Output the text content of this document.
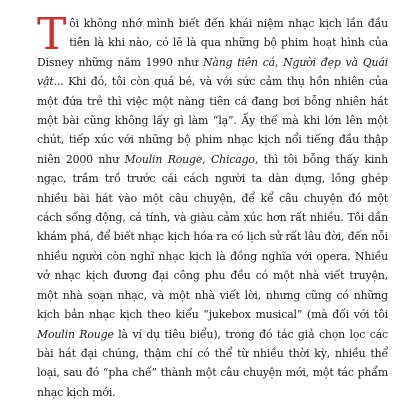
Tôi không nhớ mình biết đến khái niệm nhạc kịch lần đầu tiên là khi nào, có lẽ là qua những bộ phim hoạt hình của Disney những năm 1990 như Nàng tiên cá, Người đẹp và Quái vật... Khi đó, tôi còn quá bé, và với sức cảm thụ hồn nhiên của một đứa trẻ thì việc một nàng tiên cá đang bơi bỗng nhiên hát một bài cũng không lấy gì làm “lạ”. Ấy thế mà khi lớn lên một chút, tiếp xúc với những bộ phim nhạc kịch nổi tiếng đầu thập niên 2000 như Moulin Rouge, Chicago, thì tôi bỗng thấy kinh ngạc, trầm trồ trước cái cách người ta dàn dựng, lồng ghép nhiều bài hát vào một câu chuyện, để kể câu chuyện đó một cách sống động, cá tính, và giàu cảm xúc hơn rất nhiều. Tôi dần khám phá, để biết nhạc kịch hóa ra có lịch sử rất lâu đời, đến nỗi nhiều người còn nghĩ nhạc kịch là đồng nghĩa với opera. Nhiều vở nhạc kịch đương đại công phu đều có một nhà viết truyện, một nhà soạn nhạc, và một nhà viết lời, nhưng cũng có những kịch bản nhạc kịch theo kiểu “jukebox musical” (mà đối với tôi Moulin Rouge là ví dụ tiêu biểu), trong đó tác giả chọn lọc các bài hát đại chúng, thậm chí có thể từ nhiều thời kỳ, nhiều thể loại, sau đó “pha chế” thành một câu chuyện mới, một tác phẩm nhạc kịch mới.
